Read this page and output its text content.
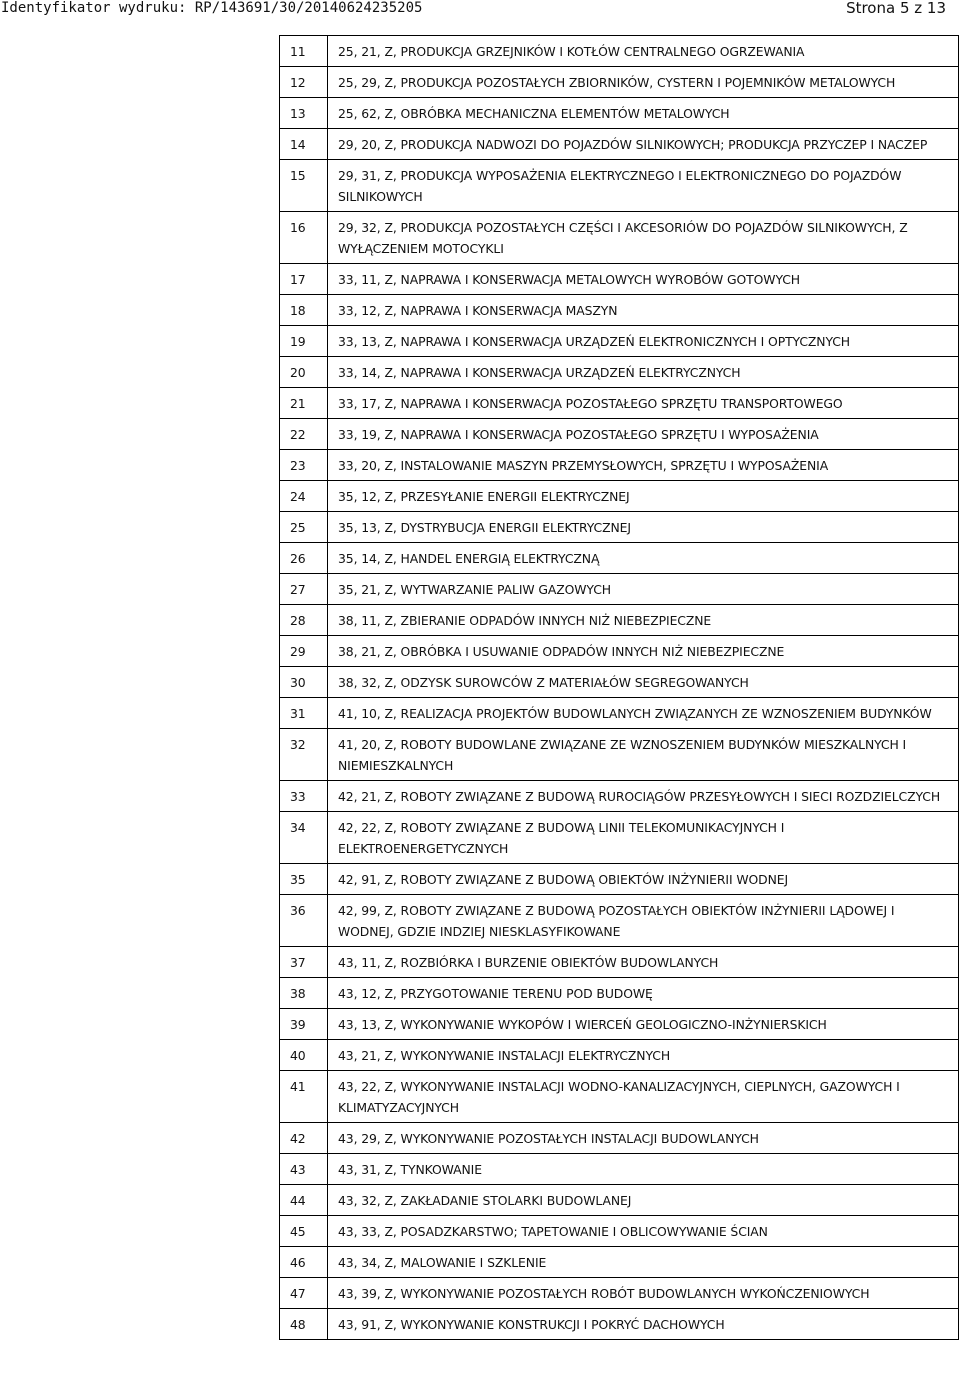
Identyfikator wydruku: RP/143691/30/20140624235205	Strona 5 z 13
11	25, 21, Z, PRODUKCJA GRZEJNIKÓW I KOTŁÓW CENTRALNEGO OGRZEWANIA
12	25, 29, Z, PRODUKCJA POZOSTAŁYCH ZBIORNIKÓW, CYSTERN I POJEMNIKÓW METALOWYCH
13	25, 62, Z, OBRÓBKA MECHANICZNA ELEMENTÓW METALOWYCH
14	29, 20, Z, PRODUKCJA NADWOZI DO POJAZDÓW SILNIKOWYCH; PRODUKCJA PRZYCZEP I NACZEP
15	29, 31, Z, PRODUKCJA WYPOSAŻENIA ELEKTRYCZNEGO I ELEKTRONICZNEGO DO POJAZDÓW SILNIKOWYCH
16	29, 32, Z, PRODUKCJA POZOSTAŁYCH CZĘŚCI I AKCESORIÓW DO POJAZDÓW SILNIKOWYCH, Z WYŁĄCZENIEM MOTOCYKLI
17	33, 11, Z, NAPRAWA I KONSERWACJA METALOWYCH WYROBÓW GOTOWYCH
18	33, 12, Z, NAPRAWA I KONSERWACJA MASZYN
19	33, 13, Z, NAPRAWA I KONSERWACJA URZĄDZEŃ ELEKTRONICZNYCH I OPTYCZNYCH
20	33, 14, Z, NAPRAWA I KONSERWACJA URZĄDZEŃ ELEKTRYCZNYCH
21	33, 17, Z, NAPRAWA I KONSERWACJA POZOSTAŁEGO SPRZĘTU TRANSPORTOWEGO
22	33, 19, Z, NAPRAWA I KONSERWACJA POZOSTAŁEGO SPRZĘTU I WYPOSAŻENIA
23	33, 20, Z, INSTALOWANIE MASZYN PRZEMYSŁOWYCH, SPRZĘTU I WYPOSAŻENIA
24	35, 12, Z, PRZESYŁANIE ENERGII ELEKTRYCZNEJ
25	35, 13, Z, DYSTRYBUCJA ENERGII ELEKTRYCZNEJ
26	35, 14, Z, HANDEL ENERGIĄ ELEKTRYCZNĄ
27	35, 21, Z, WYTWARZANIE PALIW GAZOWYCH
28	38, 11, Z, ZBIERANIE ODPADÓW INNYCH NIŻ NIEBEZPIECZNE
29	38, 21, Z, OBRÓBKA I USUWANIE ODPADÓW INNYCH NIŻ NIEBEZPIECZNE
30	38, 32, Z, ODZYSK SUROWCÓW Z MATERIAŁÓW SEGREGOWANYCH
31	41, 10, Z, REALIZACJA PROJEKTÓW BUDOWLANYCH ZWIĄZANYCH ZE WZNOSZENIEM BUDYNKÓW
32	41, 20, Z, ROBOTY BUDOWLANE ZWIĄZANE ZE WZNOSZENIEM BUDYNKÓW MIESZKALNYCH I NIEMIESZKALNYCH
33	42, 21, Z, ROBOTY ZWIĄZANE Z BUDOWĄ RUROCIĄGÓW PRZESYŁOWYCH I SIECI ROZDZIELCZYCH
34	42, 22, Z, ROBOTY ZWIĄZANE Z BUDOWĄ LINII TELEKOMUNIKACYJNYCH I ELEKTROENERGETYCZNYCH
35	42, 91, Z, ROBOTY ZWIĄZANE Z BUDOWĄ OBIEKTÓW INŻYNIERII WODNEJ
36	42, 99, Z, ROBOTY ZWIĄZANE Z BUDOWĄ POZOSTAŁYCH OBIEKTÓW INŻYNIERII LĄDOWEJ I WODNEJ, GDZIE INDZIEJ NIESKLASYFIKOWANE
37	43, 11, Z, ROZBIÓRKA I BURZENIE OBIEKTÓW BUDOWLANYCH
38	43, 12, Z, PRZYGOTOWANIE TERENU POD BUDOWĘ
39	43, 13, Z, WYKONYWANIE WYKOPÓW I WIERCEŃ GEOLOGICZNO-INŻYNIERSKICH
40	43, 21, Z, WYKONYWANIE INSTALACJI ELEKTRYCZNYCH
41	43, 22, Z, WYKONYWANIE INSTALACJI WODNO-KANALIZACYJNYCH, CIEPLNYCH, GAZOWYCH I KLIMATYZACYJNYCH
42	43, 29, Z, WYKONYWANIE POZOSTAŁYCH INSTALACJI BUDOWLANYCH
43	43, 31, Z, TYNKOWANIE
44	43, 32, Z, ZAKŁADANIE STOLARKI BUDOWLANEJ
45	43, 33, Z, POSADZKARSTWO; TAPETOWANIE I OBLICOWYWANIE ŚCIAN
46	43, 34, Z, MALOWANIE I SZKLENIE
47	43, 39, Z, WYKONYWANIE POZOSTAŁYCH ROBÓT BUDOWLANYCH WYKOŃCZENIOWYCH
48	43, 91, Z, WYKONYWANIE KONSTRUKCJI I POKRYĆ DACHOWYCH
